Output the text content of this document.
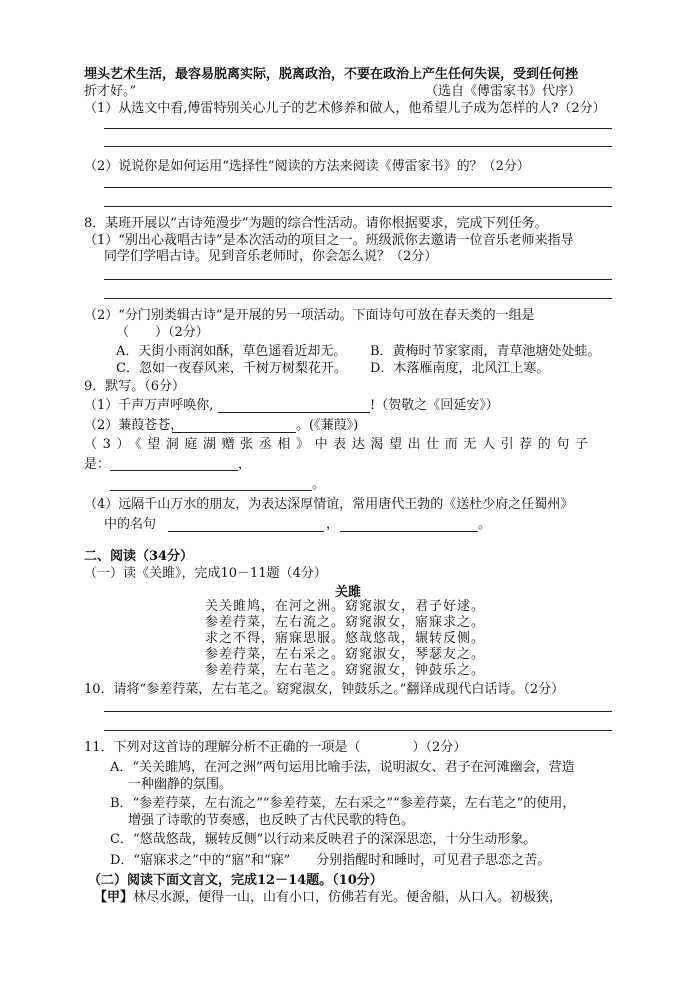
埋头艺术生活，最容易脱离实际，脱离政治，不要在政治上产生任何失误，受到任何挫
折才好。”	（选自《傅雷家书》代序）
（1）从选文中看,傅雷特别关心儿子的艺术修养和做人，他希望儿子成为怎样的人?（2分）
（2）说说你是如何运用“选择性”阅读的方法来阅读《傅雷家书》的？（2分）
8．某班开展以“古诗苑漫步”为题的综合性活动。请你根据要求，完成下列任务。
（1）“别出心裁唱古诗”是本次活动的项目之一。班级派你去邀请一位音乐老师来指导
同学们学唱古诗。见到音乐老师时，你会怎么说？（2分）
（2）“分门别类辑古诗”是开展的另一项活动。下面诗句可放在春天类的一组是
（　　）（2分）
A．天街小雨润如酥，草色遥看近却无。 B．黄梅时节家家雨，青草池塘处处蛙。
C．忽如一夜春风来，千树万树梨花开。 D．木落雁南度，北风江上寒。
9．默写。（6分）
（1）千声万声呼唤你,	!（贺敬之《回延安》）
（2）蒹葭苍苍，	。(《蒹葭》)
（3）《望洞庭湖赠张丞相》中表达渴望出仕而无人引荐的句子
是：	，
。
（4）远隔千山万水的朋友，为表达深厚情谊，常用唐代王勃的《送杜少府之任蜀州》
中的名句	，	。
二、阅读（34分）
（一）读《关雎》，完成10－11题（4分）
关雎
关关雎鸠，在河之洲。窈窕淑女，君子好逑。
参差荇菜，左右流之。窈窕淑女，寤寐求之。
求之不得，寤寐思服。悠哉悠哉，辗转反侧。
参差荇菜，左右采之。窈窕淑女，琴瑟友之。
参差荇菜，左右芼之。窈窕淑女，钟鼓乐之。
10．请将“参差荇菜，左右芼之。窈窕淑女，钟鼓乐之。”翻译成现代白话诗。（2分）
11．下列对这首诗的理解分析不正确的一项是（　　　　）（2分）
A．“关关雎鸠，在河之洲”两句运用比喻手法，说明淑女、君子在河滩幽会，营造
一种幽静的氛围。
B．“参差荇菜，左右流之”“参差荇菜，左右采之”“参差荇菜，左右芼之”的使用，
增强了诗歌的节奏感，也反映了古代民歌的特色。
C．“悠哉悠哉，辗转反侧”以行动来反映君子的深深思恋，十分生动形象。
D．“寤寐求之”中的“寤”和“寐”　　分别指醒时和睡时，可见君子思恋之苦。
（二）阅读下面文言文，完成12－14题。（10分）
【甲】林尽水源，便得一山，山有小口，仿佛若有光。便舍船，从口入。初极狭，
